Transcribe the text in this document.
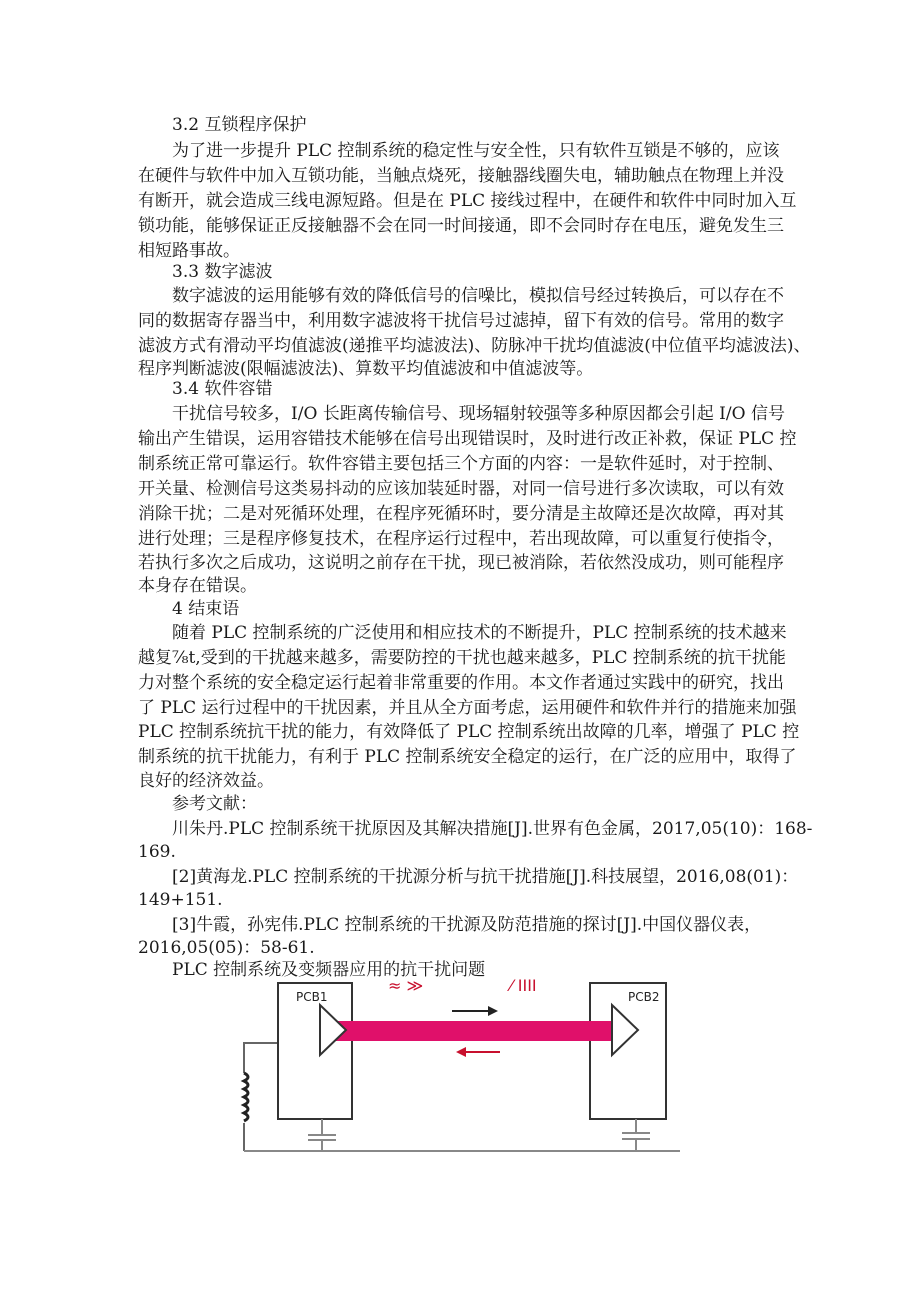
3.2 互锁程序保护
为了进一步提升 PLC 控制系统的稳定性与安全性，只有软件互锁是不够的，应该
在硬件与软件中加入互锁功能，当触点烧死，接触器线圈失电，辅助触点在物理上并没
有断开，就会造成三线电源短路。但是在 PLC 接线过程中，在硬件和软件中同时加入互
锁功能，能够保证正反接触器不会在同一时间接通，即不会同时存在电压，避免发生三
相短路事故。
3.3 数字滤波
数字滤波的运用能够有效的降低信号的信噪比，模拟信号经过转换后，可以存在不
同的数据寄存器当中，利用数字滤波将干扰信号过滤掉，留下有效的信号。常用的数字
滤波方式有滑动平均值滤波(递推平均滤波法)、防脉冲干扰均值滤波(中位值平均滤波法)、
程序判断滤波(限幅滤波法)、算数平均值滤波和中值滤波等。
3.4 软件容错
干扰信号较多，I/O 长距离传输信号、现场辐射较强等多种原因都会引起 I/O 信号
输出产生错误，运用容错技术能够在信号出现错误时，及时进行改正补救，保证 PLC 控
制系统正常可靠运行。软件容错主要包括三个方面的内容：一是软件延时，对于控制、
开关量、检测信号这类易抖动的应该加装延时器，对同一信号进行多次读取，可以有效
消除干扰；二是对死循环处理，在程序死循环时，要分清是主故障还是次故障，再对其
进行处理；三是程序修复技术，在程序运行过程中，若出现故障，可以重复行使指令，
若执行多次之后成功，这说明之前存在干扰，现已被消除，若依然没成功，则可能程序
本身存在错误。
4 结束语
随着 PLC 控制系统的广泛使用和相应技术的不断提升，PLC 控制系统的技术越来
越复⅞t,受到的干扰越来越多，需要防控的干扰也越来越多，PLC 控制系统的抗干扰能
力对整个系统的安全稳定运行起着非常重要的作用。本文作者通过实践中的研究，找出
了 PLC 运行过程中的干扰因素，并且从全方面考虑，运用硬件和软件并行的措施来加强
PLC 控制系统抗干扰的能力，有效降低了 PLC 控制系统出故障的几率，增强了 PLC 控
制系统的抗干扰能力，有利于 PLC 控制系统安全稳定的运行，在广泛的应用中，取得了
良好的经济效益。
参考文献：
川朱丹.PLC 控制系统干扰原因及其解决措施[J].世界有色金属，2017,05(10)：168-
169.
[2]黄海龙.PLC 控制系统的干扰源分析与抗干扰措施[J].科技展望，2016,08(01)：
149+151.
[3]牛霞，孙宪伟.PLC 控制系统的干扰源及防范措施的探讨[J].中国仪器仪表，
2016,05(05)：58-61.
PLC 控制系统及变频器应用的抗干扰问题
≈ ≫	⁄ IIII
PCB1	PCB2
